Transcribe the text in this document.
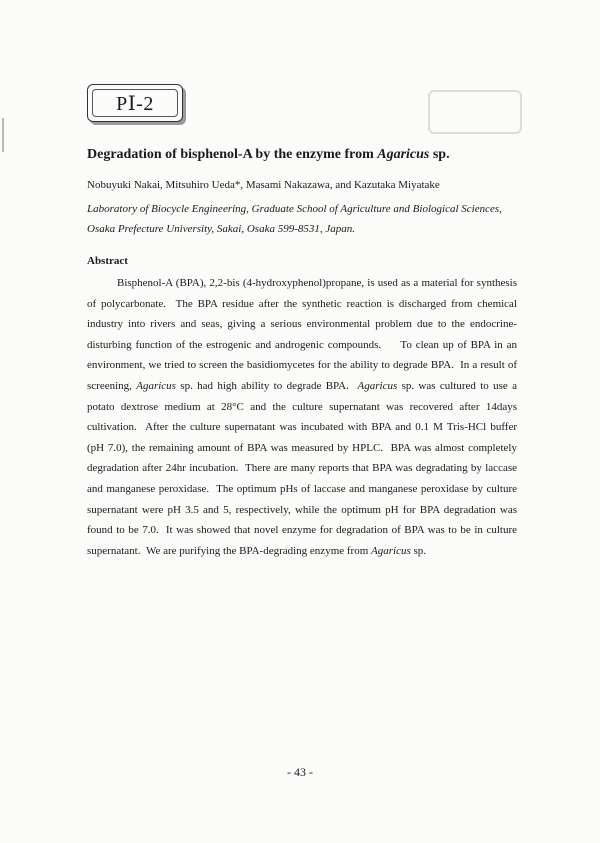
PⅠ-2
Degradation of bisphenol-A by the enzyme from Agaricus sp.
Nobuyuki Nakai, Mitsuhiro Ueda*, Masami Nakazawa, and Kazutaka Miyatake
Laboratory of Biocycle Engineering, Graduate School of Agriculture and Biological Sciences, Osaka Prefecture University, Sakai, Osaka 599-8531, Japan.
Abstract

Bisphenol-A (BPA), 2,2-bis (4-hydroxyphenol)propane, is used as a material for synthesis of polycarbonate.  The BPA residue after the synthetic reaction is discharged from chemical industry into rivers and seas, giving a serious environmental problem due to the endocrine-disturbing function of the estrogenic and androgenic compounds.     To clean up of BPA in an environment, we tried to screen the basidiomycetes for the ability to degrade BPA.  In a result of screening, Agaricus sp. had high ability to degrade BPA.  Agaricus sp. was cultured to use a potato dextrose medium at 28°C and the culture supernatant was recovered after 14days cultivation.  After the culture supernatant was incubated with BPA and 0.1 M Tris-HCl buffer (pH 7.0), the remaining amount of BPA was measured by HPLC.  BPA was almost completely degradation after 24hr incubation.  There are many reports that BPA was degradating by laccase and manganese peroxidase.  The optimum pHs of laccase and manganese peroxidase by culture supernatant were pH 3.5 and 5, respectively, while the optimum pH for BPA degradation was found to be 7.0.  It was showed that novel enzyme for degradation of BPA was to be in culture supernatant.  We are purifying the BPA-degrading enzyme from Agaricus sp.

- 43 -
